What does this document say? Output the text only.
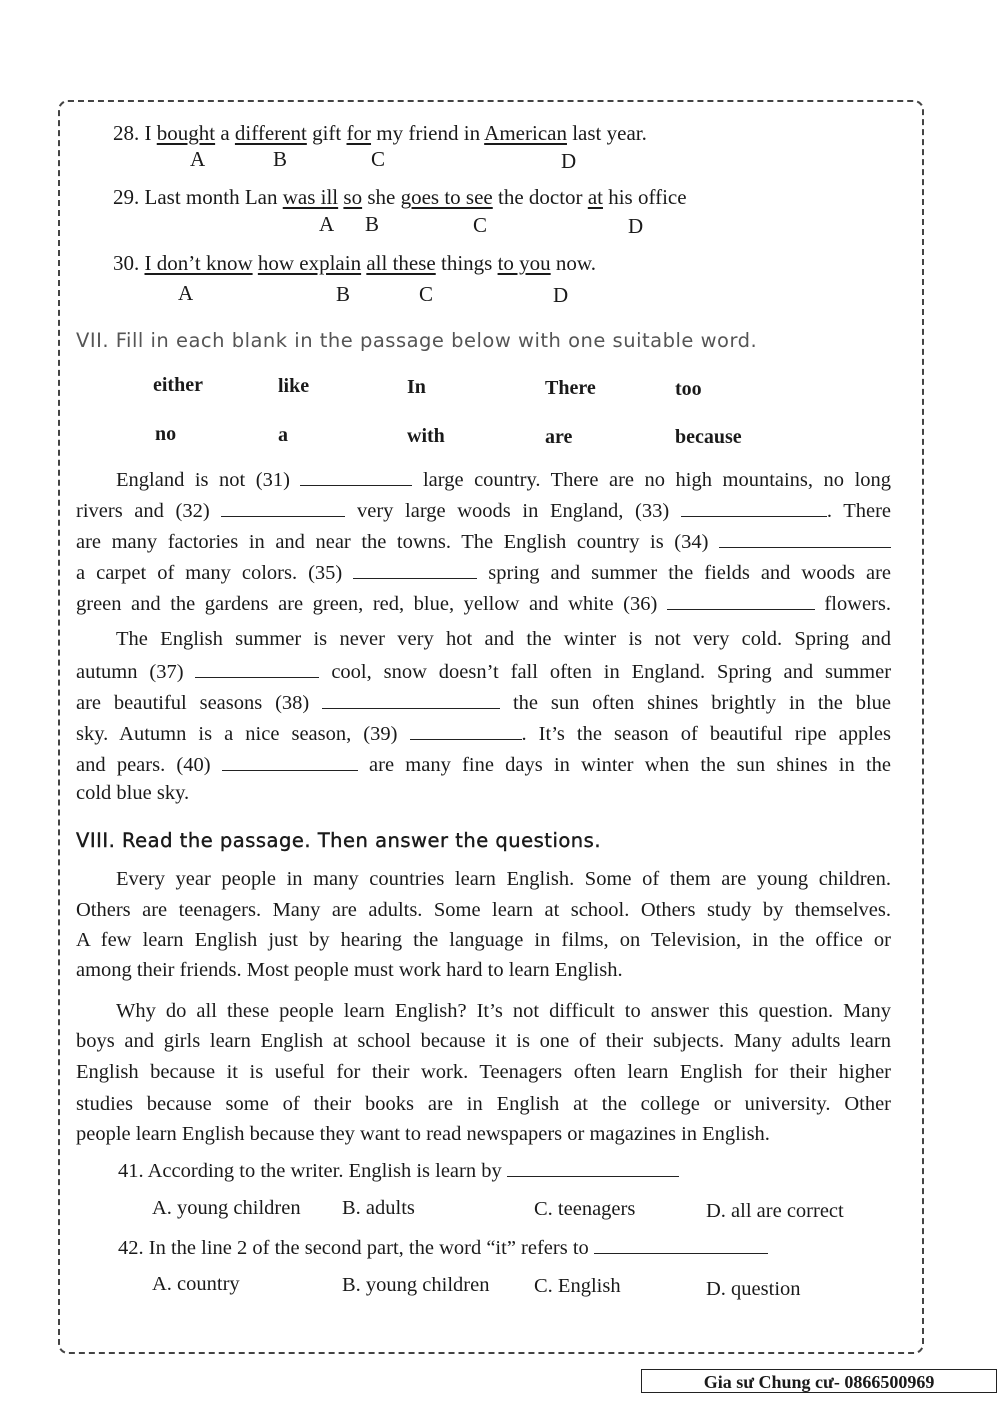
28. I bought a different gift for my friend in American last year.
A	B	C	D
29. Last month Lan was ill so she goes to see the doctor at his office
A B	C	D
30. I don’t know how explain all these things to you now.
A	B	C	D
VII. Fill in each blank in the passage below with one suitable word.
either	like	In	There	too
no	a	with	are	because
England is not (31)	large country. There are no high mountains, no long
rivers and (32)	very large woods in England, (33)	. There
are many factories in and near the towns. The English country is (34)
a carpet of many colors. (35)	spring and summer the fields and woods are
green and the gardens are green, red, blue, yellow and white (36)	flowers.
The English summer is never very hot and the winter is not very cold. Spring and
autumn (37)	cool, snow doesn’t fall often in England. Spring and summer
are beautiful seasons (38)	the sun often shines brightly in the blue
sky. Autumn is a nice season, (39)	. It’s the season of beautiful ripe apples
and pears. (40)	are many fine days in winter when the sun shines in the
cold blue sky.
VIII. Read the passage. Then answer the questions.
Every year people in many countries learn English. Some of them are young children.
Others are teenagers. Many are adults. Some learn at school. Others study by themselves.
A few learn English just by hearing the language in films, on Television, in the office or
among their friends. Most people must work hard to learn English.
Why do all these people learn English? It’s not difficult to answer this question. Many
boys and girls learn English at school because it is one of their subjects. Many adults learn
English because it is useful for their work. Teenagers often learn English for their higher
studies because some of their books are in English at the college or university. Other
people learn English because they want to read newspapers or magazines in English.
41. According to the writer. English is learn by
A. young children B. adults	C. teenagers	D. all are correct
42. In the line 2 of the second part, the word “it” refers to
A. country	B. young children C. English	D. question
Gia sư Chung cư- 0866500969
